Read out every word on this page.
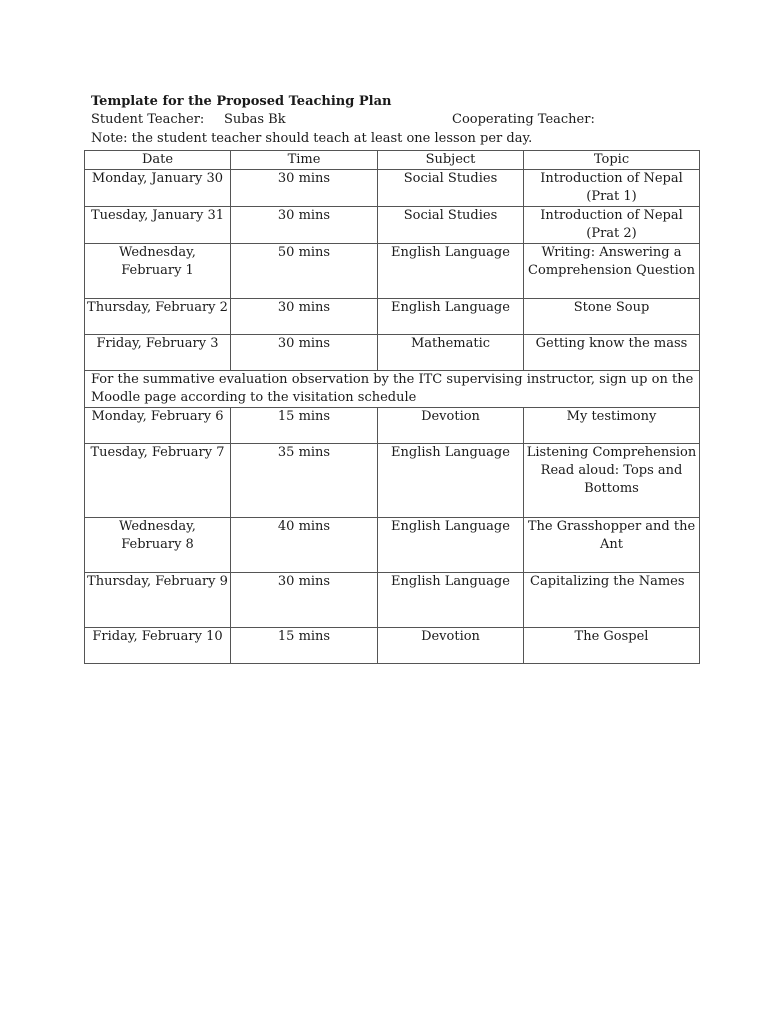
Template for the Proposed Teaching Plan
Student Teacher: Subas Bk	Cooperating Teacher:
Note: the student teacher should teach at least one lesson per day.
Date	Time	Subject	Topic
Monday, January 30	30 mins	Social Studies	Introduction of Nepal (Prat 1)
Tuesday, January 31	30 mins	Social Studies	Introduction of Nepal (Prat 2)
Wednesday, February 1	50 mins	English Language	Writing: Answering a Comprehension Question
Thursday, February 2	30 mins	English Language	Stone Soup
Friday, February 3	30 mins	Mathematic	Getting know the mass
For the summative evaluation observation by the ITC supervising instructor, sign up on the Moodle page according to the visitation schedule			
Monday, February 6	15 mins	Devotion	My testimony
Tuesday, February 7	35 mins	English Language	Listening Comprehension Read aloud: Tops and Bottoms
Wednesday, February 8	40 mins	English Language	The Grasshopper and the Ant
Thursday, February 9	30 mins	English Language	Capitalizing the Names
Friday, February 10	15 mins	Devotion	The Gospel
